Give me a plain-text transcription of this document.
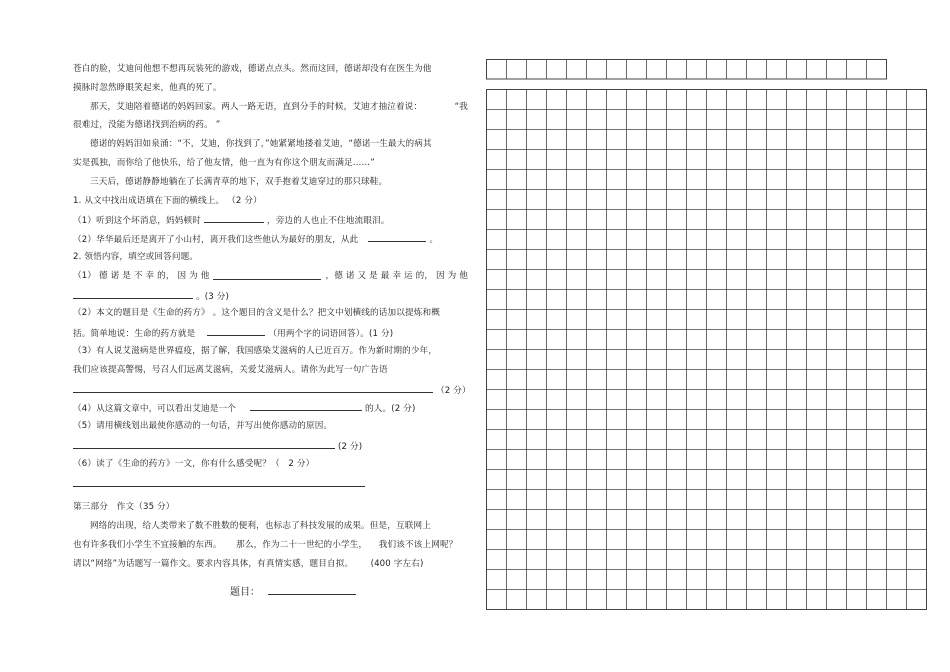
苍白的脸，艾迪问他想不想再玩装死的游戏，德诺点点头。然而这回，德诺却没有在医生为他
摸脉时忽然睁眼笑起来，他真的死了。
那天，艾迪陪着德诺的妈妈回家。两人一路无语，直到分手的时候，艾迪才抽泣着说：	“我
很难过，没能为德诺找到治病的药。 ”
德诺的妈妈泪如泉涌：“不，艾迪，你找到了，”她紧紧地搂着艾迪，“德诺一生最大的病其
实是孤独，而你给了他快乐，给了他友情，他一直为有你这个朋友而满足……”
三天后，德诺静静地躺在了长满青草的地下，双手抱着艾迪穿过的那只球鞋。
1. 从文中找出成语填在下面的横线上。 （2 分）
（1）听到这个坏消息，妈妈顿时	，旁边的人也止不住地流眼泪。
（2）华华最后还是离开了小山村，离开我们这些他认为最好的朋友，从此	。
2. 领悟内容，填空或回答问题。
（1） 德 诺 是 不 幸 的， 因 为 他	，德 诺 又 是 最 幸 运 的， 因 为 他
。(3 分)
（2）本文的题目是《生命的药方》 。这个题目的含义是什么？把文中划横线的话加以提炼和概
括。简单地说：生命的药方就是	（用两个字的词语回答）。(1 分)
（3）有人说艾滋病是世界瘟疫，据了解，我国感染艾滋病的人已近百万。作为新时期的少年，
我们应该提高警惕，号召人们远离艾滋病，关爱艾滋病人。请你为此写一句广告语
（2 分）
（4）从这篇文章中，可以看出艾迪是一个	的人。(2 分)
（5）请用横线划出最使你感动的一句话，并写出使你感动的原因。
(2 分)
（6）读了《生命的药方》一文，你有什么感受呢？（ 2 分）
第三部分　作文（35 分）
网络的出现，给人类带来了数不胜数的便利，也标志了科技发展的成果。但是，互联网上
也有许多我们小学生不宜接触的东西。 那么，作为二十一世纪的小学生， 我们该不该上网呢？
请以“网络”为话题写一篇作文。要求内容具体，有真情实感，题目自拟。 (400 字左右)
题目：
